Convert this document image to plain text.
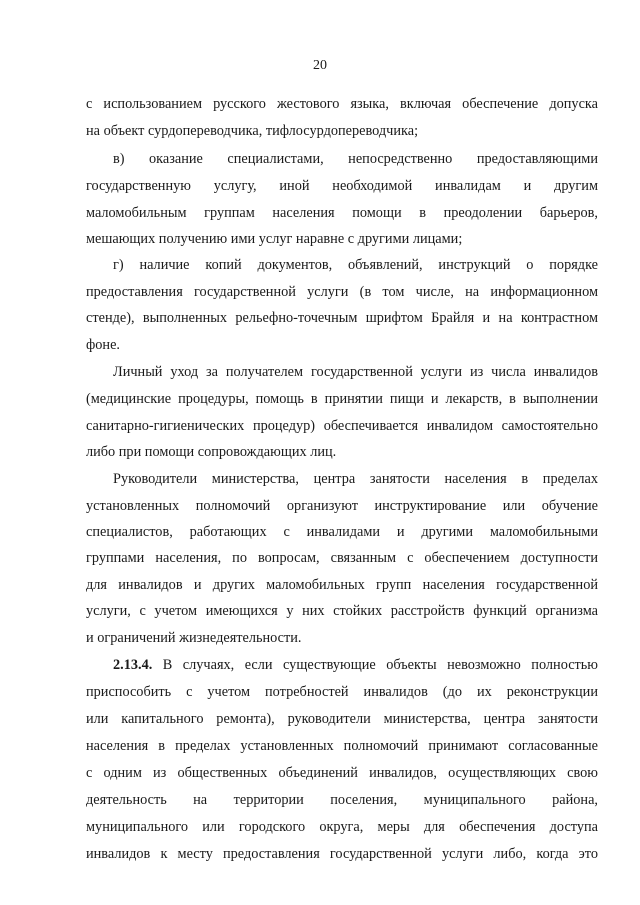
20
с использованием русского жестового языка, включая обеспечение допуска
на объект сурдопереводчика, тифлосурдопереводчика;
в) оказание специалистами, непосредственно предоставляющими
государственную услугу, иной необходимой инвалидам и другим
маломобильным группам населения помощи в преодолении барьеров,
мешающих получению ими услуг наравне с другими лицами;
г) наличие копий документов, объявлений, инструкций о порядке
предоставления государственной услуги (в том числе, на информационном
стенде), выполненных рельефно-точечным шрифтом Брайля и на контрастном
фоне.
Личный уход за получателем государственной услуги из числа инвалидов
(медицинские процедуры, помощь в принятии пищи и лекарств, в выполнении
санитарно-гигиенических процедур) обеспечивается инвалидом самостоятельно
либо при помощи сопровождающих лиц.
Руководители министерства, центра занятости населения в пределах
установленных полномочий организуют инструктирование или обучение
специалистов, работающих с инвалидами и другими маломобильными
группами населения, по вопросам, связанным с обеспечением доступности
для инвалидов и других маломобильных групп населения государственной
услуги, с учетом имеющихся у них стойких расстройств функций организма
и ограничений жизнедеятельности.
2.13.4. В случаях, если существующие объекты невозможно полностью
приспособить с учетом потребностей инвалидов (до их реконструкции
или капитального ремонта), руководители министерства, центра занятости
населения в пределах установленных полномочий принимают согласованные
с одним из общественных объединений инвалидов, осуществляющих свою
деятельность на территории поселения, муниципального района,
муниципального или городского округа, меры для обеспечения доступа
инвалидов к месту предоставления государственной услуги либо, когда это
